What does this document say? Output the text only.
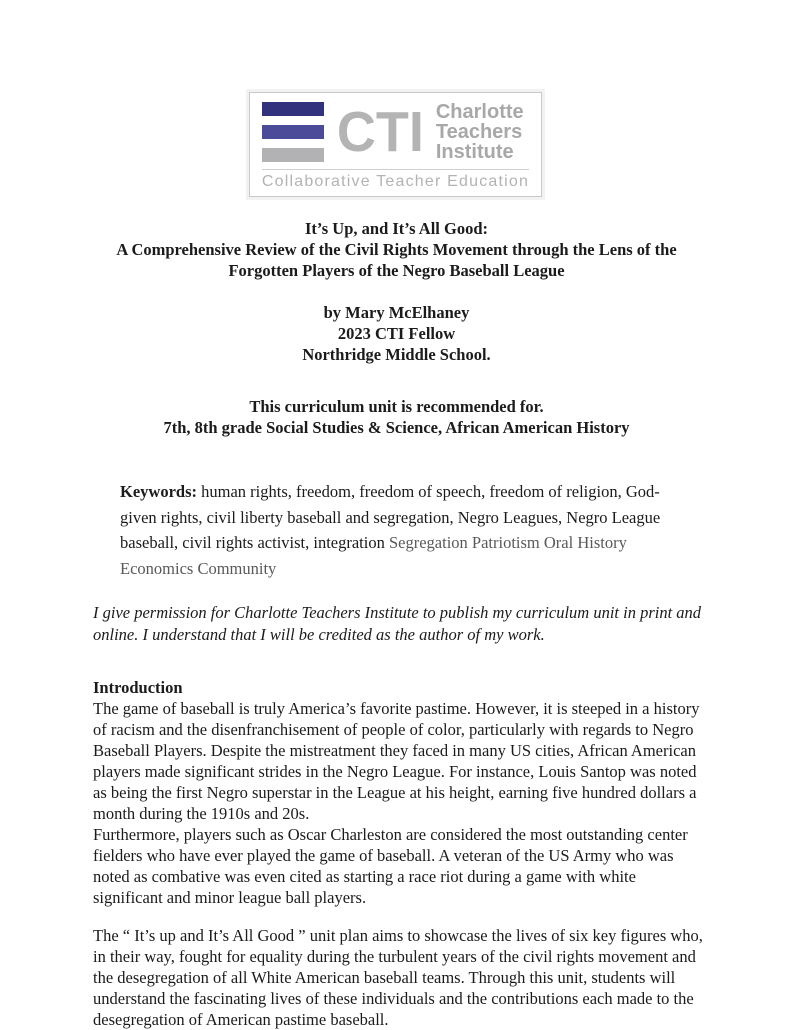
CTI Charlotte
Teachers
Institute
Collaborative Teacher Education
It’s Up, and It’s All Good:
A Comprehensive Review of the Civil Rights Movement through the Lens of the
Forgotten Players of the Negro Baseball League
by Mary McElhaney
2023 CTI Fellow
Northridge Middle School.
This curriculum unit is recommended for.
7th, 8th grade Social Studies & Science, African American History
Keywords: human rights, freedom, freedom of speech, freedom of religion, God-given rights, civil liberty baseball and segregation, Negro Leagues, Negro League baseball, civil rights activist, integration Segregation Patriotism Oral History Economics Community
I give permission for Charlotte Teachers Institute to publish my curriculum unit in print and online. I understand that I will be credited as the author of my work.
Introduction

The game of baseball is truly America’s favorite pastime. However, it is steeped in a history of racism and the disenfranchisement of people of color, particularly with regards to Negro Baseball Players. Despite the mistreatment they faced in many US cities, African American players made significant strides in the Negro League. For instance, Louis Santop was noted as being the first Negro superstar in the League at his height, earning five hundred dollars a month during the 1910s and 20s.

Furthermore, players such as Oscar Charleston are considered the most outstanding center fielders who have ever played the game of baseball. A veteran of the US Army who was noted as combative was even cited as starting a race riot during a game with white significant and minor league ball players.

The “ It’s up and It’s All Good ” unit plan aims to showcase the lives of six key figures who, in their way, fought for equality during the turbulent years of the civil rights movement and the desegregation of all White American baseball teams. Through this unit, students will understand the fascinating lives of these individuals and the contributions each made to the desegregation of American pastime baseball.
